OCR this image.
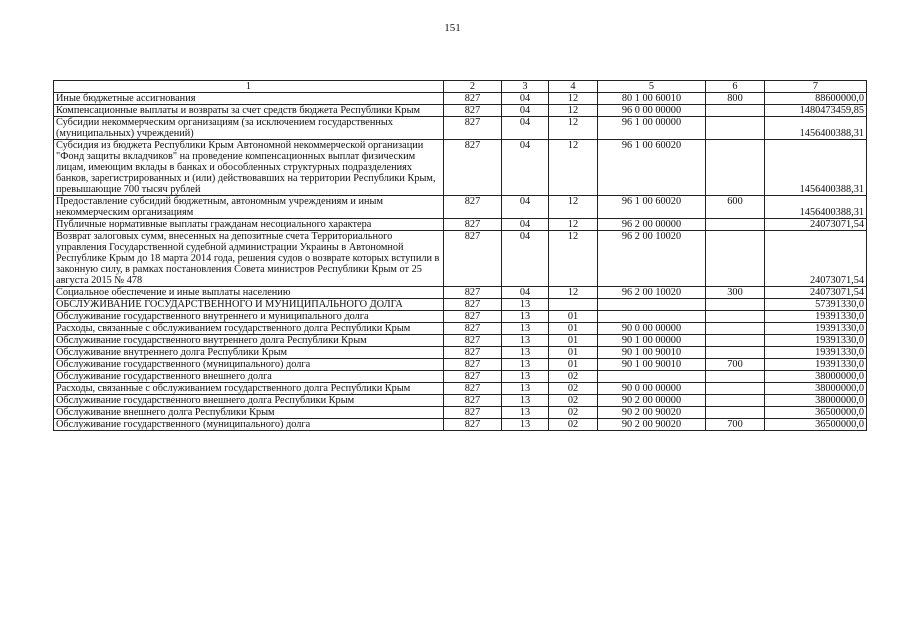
151
1	2	3	4	5	6	7
Иные бюджетные ассигнования	827	04	12	80 1 00 60010	800	88600000,0
Компенсационные выплаты и возвраты за счет средств бюджета Республики Крым	827	04	12	96 0 00 00000		1480473459,85
Субсидии некоммерческим организациям (за исключением государственных (муниципальных) учреждений)	827	04	12	96 1 00 00000		1456400388,31
Субсидия из бюджета Республики Крым Автономной некоммерческой организации "Фонд защиты вкладчиков" на проведение компенсационных выплат физическим лицам, имеющим вклады в банках и обособленных структурных подразделениях банков, зарегистрированных и (или) действовавших на территории Республики Крым, превышающие 700 тысяч рублей	827	04	12	96 1 00 60020		1456400388,31
Предоставление субсидий бюджетным, автономным учреждениям и иным некоммерческим организациям	827	04	12	96 1 00 60020	600	1456400388,31
Публичные нормативные выплаты гражданам несоциального характера	827	04	12	96 2 00 00000		24073071,54
Возврат залоговых сумм, внесенных на депозитные счета Территориального управления Государственной судебной администрации Украины в Автономной Республике Крым до 18 марта 2014 года, решения судов о возврате которых вступили в законную силу, в рамках постановления Совета министров Республики Крым от 25 августа 2015 № 478	827	04	12	96 2 00 10020		24073071,54
Социальное обеспечение и иные выплаты населению	827	04	12	96 2 00 10020	300	24073071,54
ОБСЛУЖИВАНИЕ ГОСУДАРСТВЕННОГО И МУНИЦИПАЛЬНОГО ДОЛГА	827	13				57391330,0
Обслуживание государственного внутреннего и муниципального долга	827	13	01			19391330,0
Расходы, связанные с обслуживанием государственного долга Республики Крым	827	13	01	90 0 00 00000		19391330,0
Обслуживание государственного внутреннего долга Республики Крым	827	13	01	90 1 00 00000		19391330,0
Обслуживание внутреннего долга Республики Крым	827	13	01	90 1 00 90010		19391330,0
Обслуживание государственного (муниципального) долга	827	13	01	90 1 00 90010	700	19391330,0
Обслуживание государственного внешнего долга	827	13	02			38000000,0
Расходы, связанные с обслуживанием государственного долга Республики Крым	827	13	02	90 0 00 00000		38000000,0
Обслуживание государственного внешнего долга Республики Крым	827	13	02	90 2 00 00000		38000000,0
Обслуживание внешнего долга Республики Крым	827	13	02	90 2 00 90020		36500000,0
Обслуживание государственного (муниципального) долга	827	13	02	90 2 00 90020	700	36500000,0
